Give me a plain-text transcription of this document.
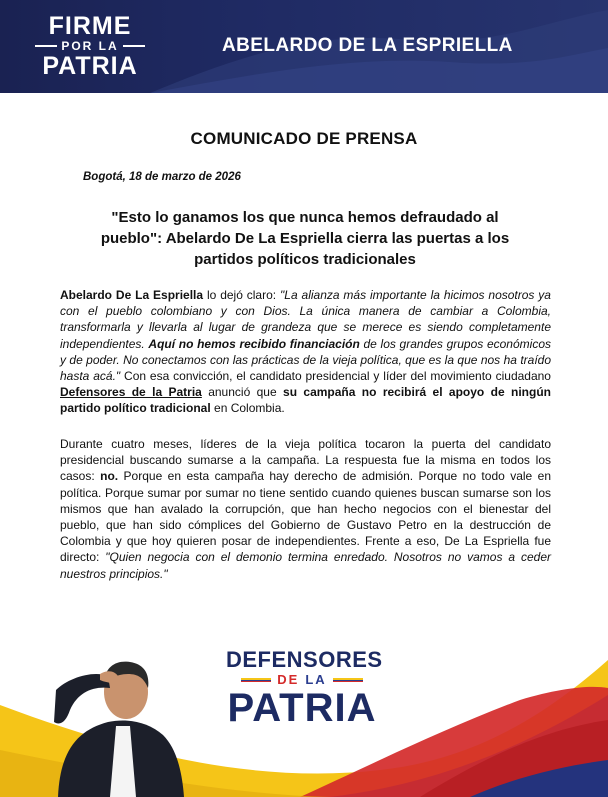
FIRME
POR LA
PATRIA
ABELARDO DE LA ESPRIELLA
COMUNICADO DE PRENSA
Bogotá, 18 de marzo de 2026
"Esto lo ganamos los que nunca hemos defraudado al pueblo": Abelardo De La Espriella cierra las puertas a los partidos políticos tradicionales
Abelardo De La Espriella lo dejó claro: "La alianza más importante la hicimos nosotros ya con el pueblo colombiano y con Dios. La única manera de cambiar a Colombia, transformarla y llevarla al lugar de grandeza que se merece es siendo completamente independientes. Aquí no hemos recibido financiación de los grandes grupos económicos y de poder. No conectamos con las prácticas de la vieja política, que es la que nos ha traído hasta acá." Con esa convicción, el candidato presidencial y líder del movimiento ciudadano Defensores de la Patria anunció que su campaña no recibirá el apoyo de ningún partido político tradicional en Colombia.
Durante cuatro meses, líderes de la vieja política tocaron la puerta del candidato presidencial buscando sumarse a la campaña. La respuesta fue la misma en todos los casos: no. Porque en esta campaña hay derecho de admisión. Porque no todo vale en política. Porque sumar por sumar no tiene sentido cuando quienes buscan sumarse son los mismos que han avalado la corrupción, que han hecho negocios con el bienestar del pueblo, que han sido cómplices del Gobierno de Gustavo Petro en la destrucción de Colombia y que hoy quieren posar de independientes. Frente a eso, De La Espriella fue directo: "Quien negocia con el demonio termina enredado. Nosotros no vamos a ceder nuestros principios."
DEFENSORES
DE LA
PATRIA
